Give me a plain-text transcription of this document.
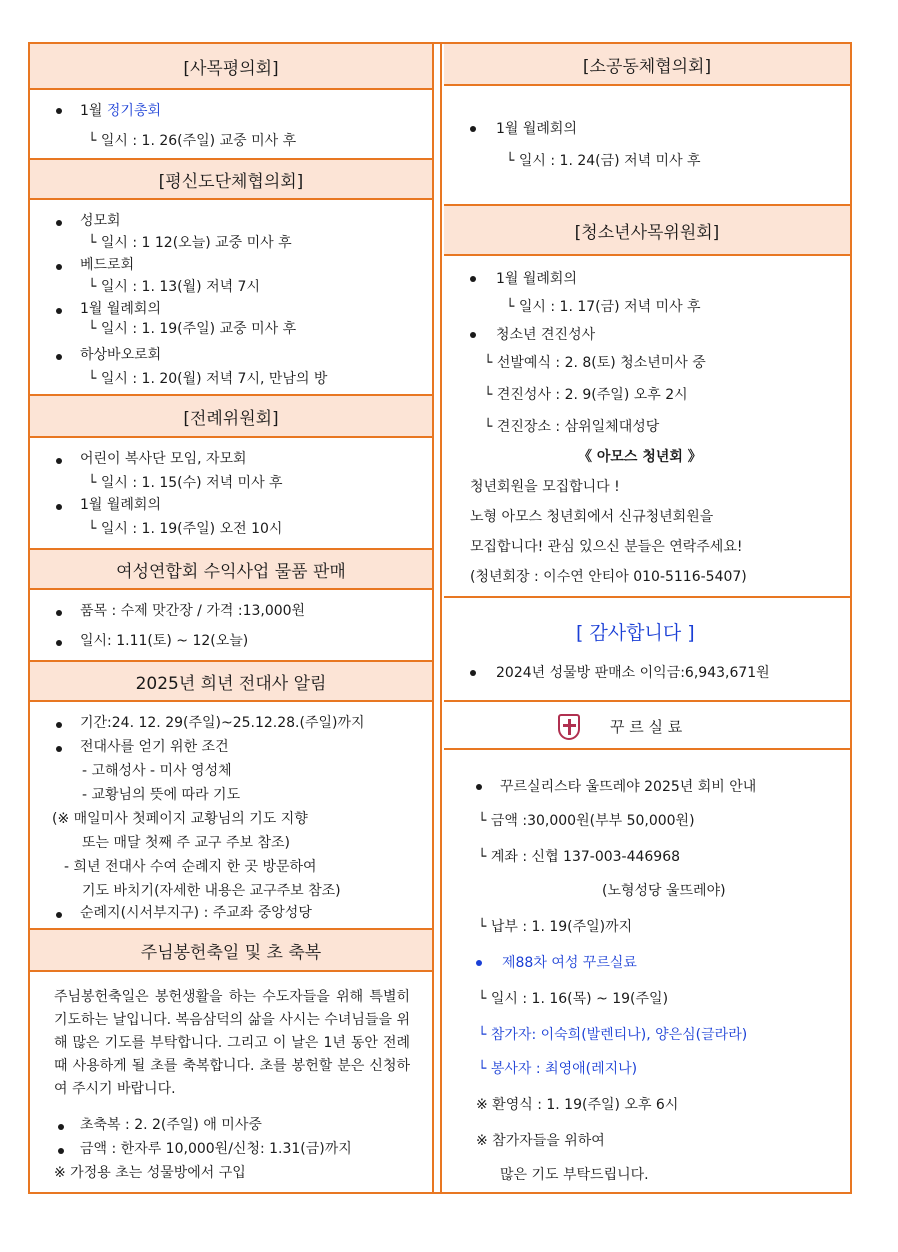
[사목평의회]
1월 정기총회
└ 일시 : 1. 26(주일) 교중 미사 후
[평신도단체협의회]
성모회
└ 일시 : 1 12(오늘) 교중 미사 후
베드로회
└ 일시 : 1. 13(월) 저녁 7시
1월 월례회의
└ 일시 : 1. 19(주일) 교중 미사 후
하상바오로회
└ 일시 : 1. 20(월) 저녁 7시, 만남의 방
[전례위원회]
어린이 복사단 모임, 자모회
└ 일시 : 1. 15(수) 저녁 미사 후
1월 월례회의
└ 일시 : 1. 19(주일) 오전 10시
여성연합회 수익사업 물품 판매
품목 : 수제 맛간장 / 가격 :13,000원
일시: 1.11(토) ~ 12(오늘)
2025년 희년 전대사 알림
기간:24. 12. 29(주일)~25.12.28.(주일)까지
전대사를 얻기 위한 조건
- 고해성사 - 미사 영성체
- 교황님의 뜻에 따라 기도
(※ 매일미사 첫페이지 교황님의 기도 지향
또는 매달 첫째 주 교구 주보 참조)
- 희년 전대사 수여 순례지 한 곳 방문하여
기도 바치기(자세한 내용은 교구주보 참조)
순례지(시서부지구) : 주교좌 중앙성당
주님봉헌축일 및 초 축복
주님봉헌축일은 봉헌생활을 하는 수도자들을 위해 특별히 기도하는 날입니다. 복음삼덕의 삶을 사시는 수녀님들을 위해 많은 기도를 부탁합니다. 그리고 이 날은 1년 동안 전례때 사용하게 될 초를 축복합니다. 초를 봉헌할 분은 신청하여 주시기 바랍니다.
초축복 : 2. 2(주일) 애 미사중
금액 : 한자루 10,000원/신청: 1.31(금)까지
※ 가정용 초는 성물방에서 구입
[소공동체협의회]
1월 월례회의
└ 일시 : 1. 24(금) 저녁 미사 후
[청소년사목위원회]
1월 월례회의
└ 일시 : 1. 17(금) 저녁 미사 후
청소년 견진성사
└ 선발예식 : 2. 8(토) 청소년미사 중
└ 견진성사 : 2. 9(주일) 오후 2시
└ 견진장소 : 삼위일체대성당
《 아모스 청년회 》
청년회원을 모집합니다 !
노형 아모스 청년회에서 신규청년회원을
모집합니다! 관심 있으신 분들은 연락주세요!
(청년회장 : 이수연 안티아 010-5116-5407)
[ 감사합니다 ]
2024년 성물방 판매소 이익금:6,943,671원
꾸 르 실 료
꾸르실리스타 울뜨레야 2025년 회비 안내
└ 금액 :30,000원(부부 50,000원)
└ 계좌 : 신협 137-003-446968
(노형성당 울뜨레야)
└ 납부 : 1. 19(주일)까지
제88차 여성 꾸르실료
└ 일시 : 1. 16(목) ~ 19(주일)
└ 참가자: 이숙희(발렌티나), 양은심(글라라)
└ 봉사자 : 최영애(레지나)
※ 환영식 : 1. 19(주일) 오후 6시
※ 참가자들을 위하여
많은 기도 부탁드립니다.
